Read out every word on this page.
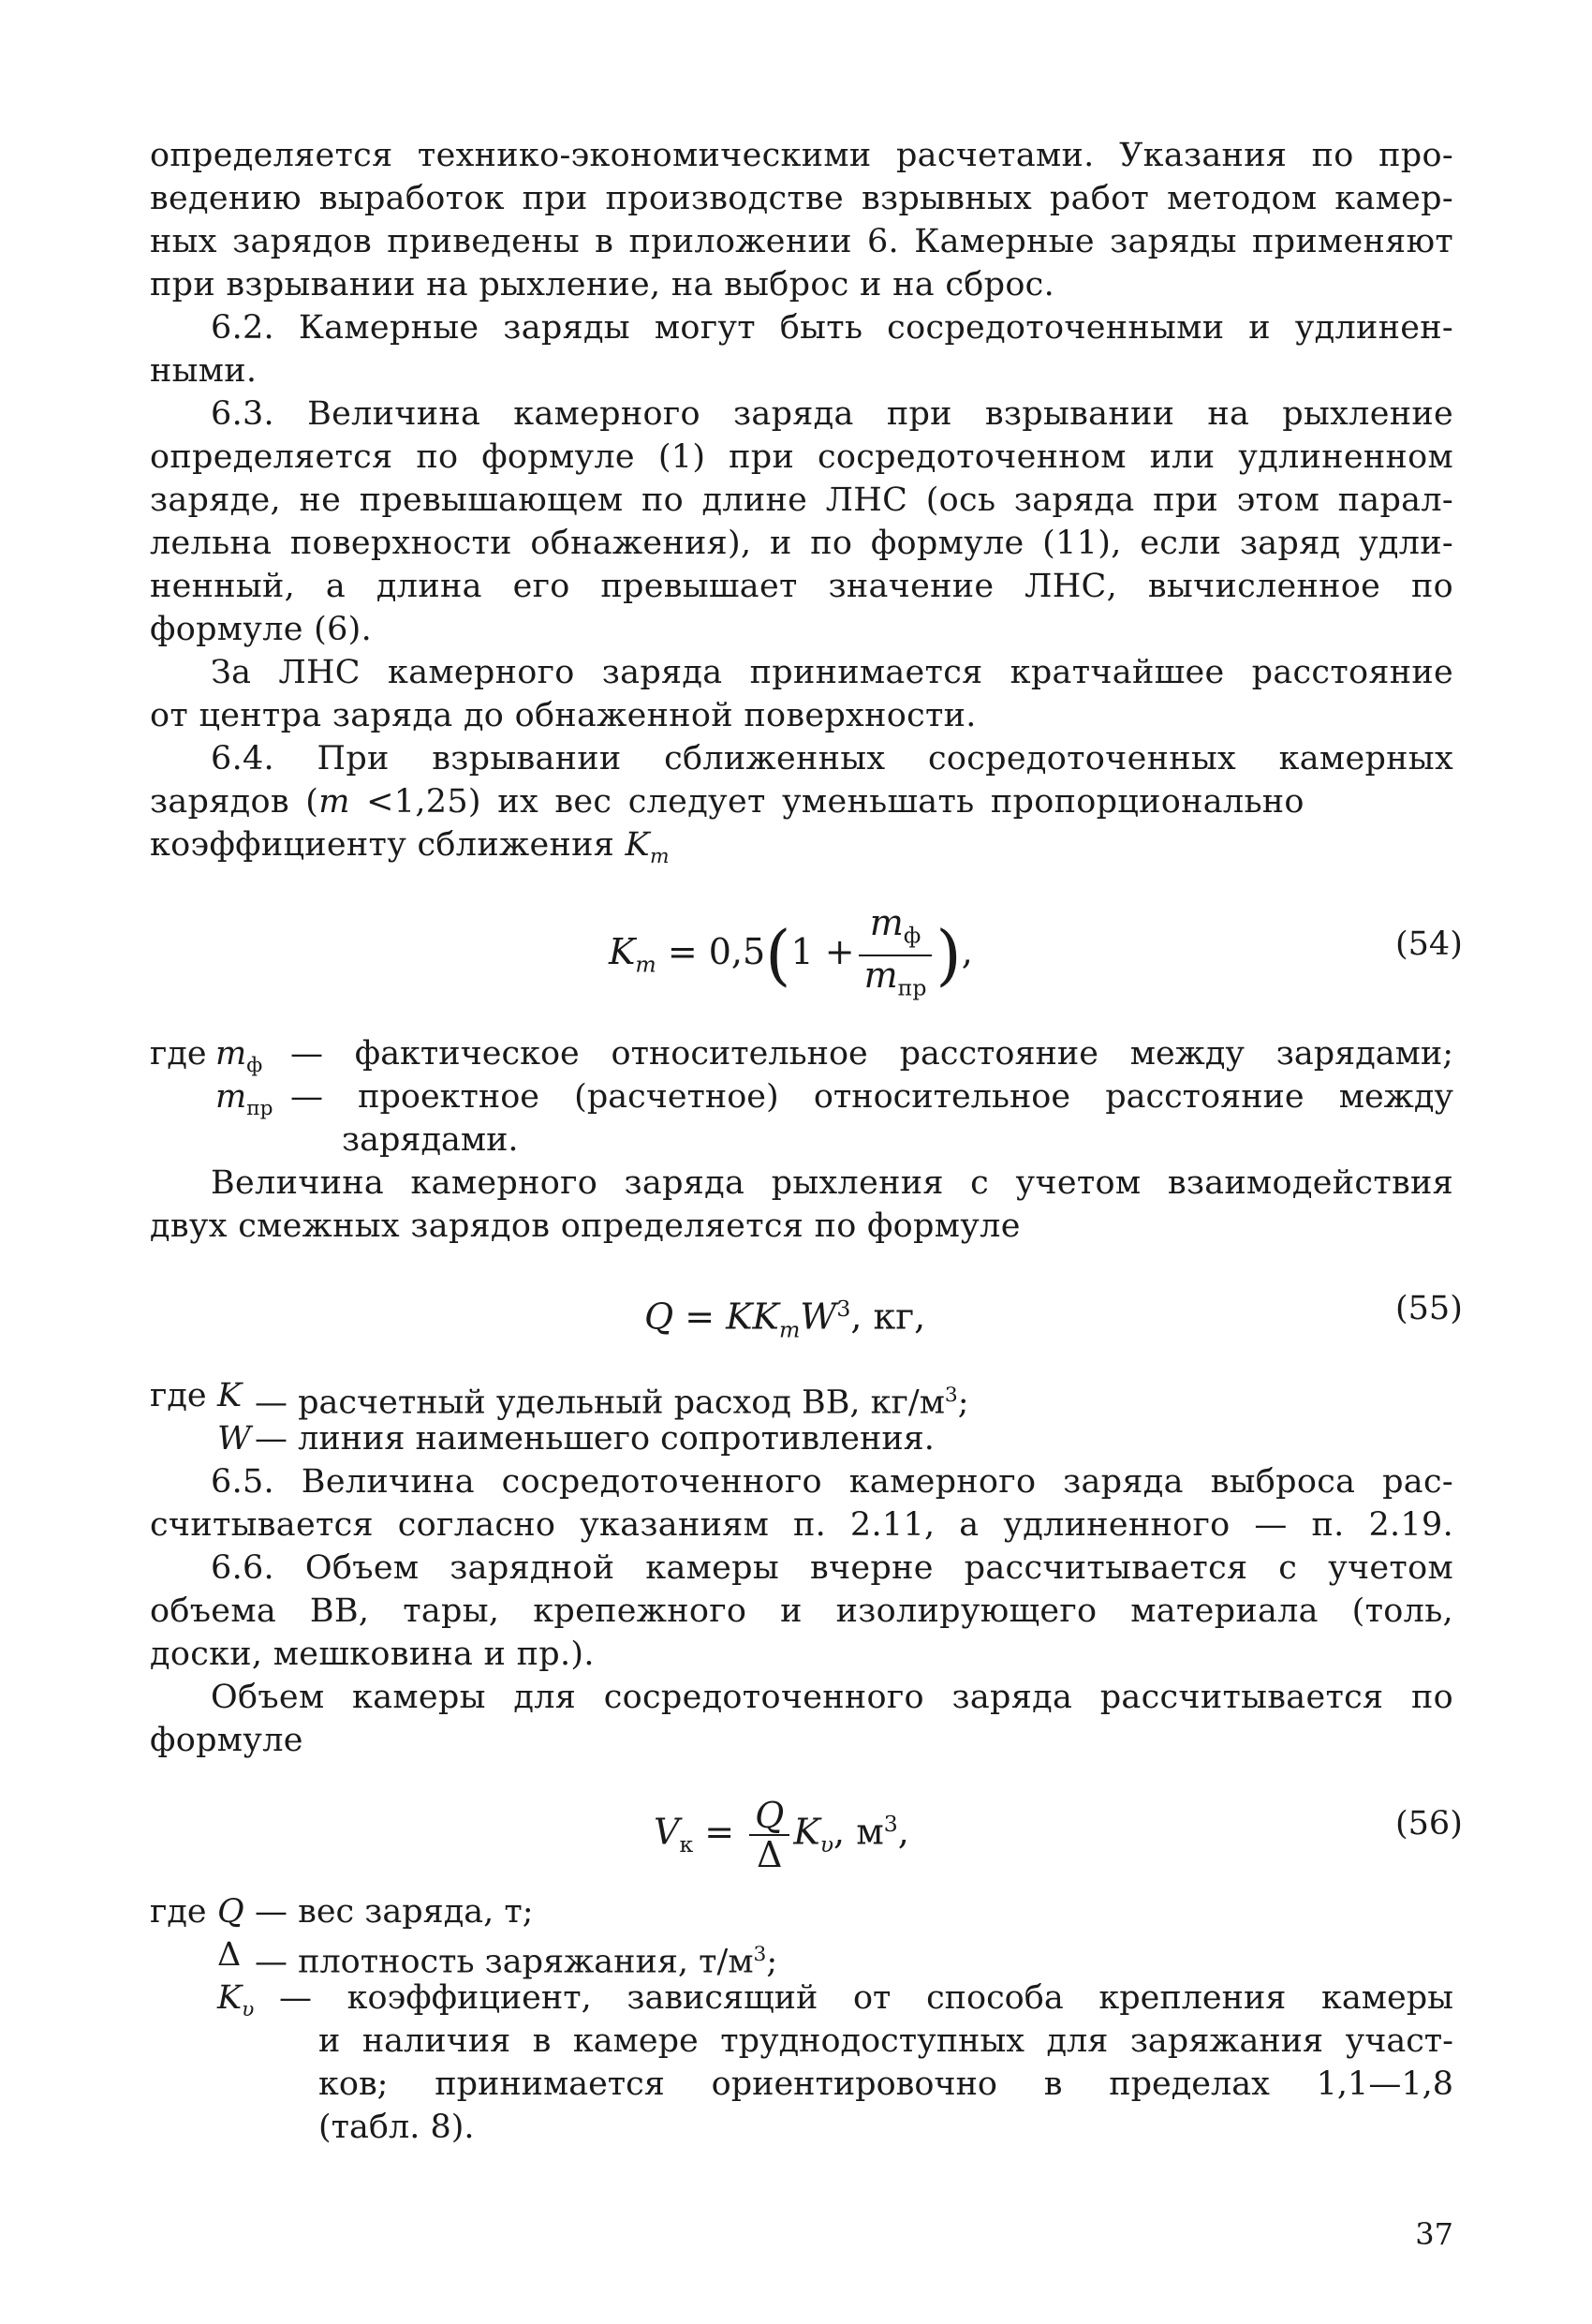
определяется технико-экономическими расчетами. Указания по про-
ведению выработок при производстве взрывных работ методом камер-
ных зарядов приведены в приложении 6. Камерные заряды применяют
при взрывании на рыхление, на выброс и на сброс.
6.2. Камерные заряды могут быть сосредоточенными и удлинен-
ными.
6.3. Величина камерного заряда при взрывании на рыхление
определяется по формуле (1) при сосредоточенном или удлиненном
заряде, не превышающем по длине ЛНС (ось заряда при этом парал-
лельна поверхности обнажения), и по формуле (11), если заряд удли-
ненный, а длина его превышает значение ЛНС, вычисленное по
формуле (6).
За ЛНС камерного заряда принимается кратчайшее расстояние
от центра заряда до обнаженной поверхности.
6.4. При взрывании сближенных сосредоточенных камерных
зарядов (m <1,25) их вес следует уменьшать пропорционально
коэффициенту сближения $K_m$
$K_m = 0,5(1 + \frac{m_ф}{m_{пр}}$ ),	(54)
где $m_ф$ — фактическое относительное расстояние между зарядами;
$m_{пр}$ — проектное (расчетное) относительное расстояние между
зарядами.
Величина камерного заряда рыхления с учетом взаимодействия
двух смежных зарядов определяется по формуле
$Q = KK_mW^3$, кг,	(55)
где K — расчетный удельный расход ВВ, $кг/м^3$;
W — линия наименьшего сопротивления.
6.5. Величина сосредоточенного камерного заряда выброса рас-
считывается согласно указаниям п. 2.11, а удлиненного — п. 2.19.
6.6. Объем зарядной камеры вчерне рассчитывается с учетом
объема ВВ, тары, крепежного и изолирующего материала (толь,
доски, мешковина и пр.).
Объем камеры для сосредоточенного заряда рассчитывается по
формуле
$V_к = \frac{Q}{\Delta} K_\upsilon$, $м^3$,	(56)
где Q — вес заряда, т;
Δ — плотность заряжания, $т/м^3$;
$K_\upsilon$ — коэффициент, зависящий от способа крепления камеры
и наличия в камере труднодоступных для заряжания участ-
ков; принимается ориентировочно в пределах 1,1—1,8
(табл. 8).
37
